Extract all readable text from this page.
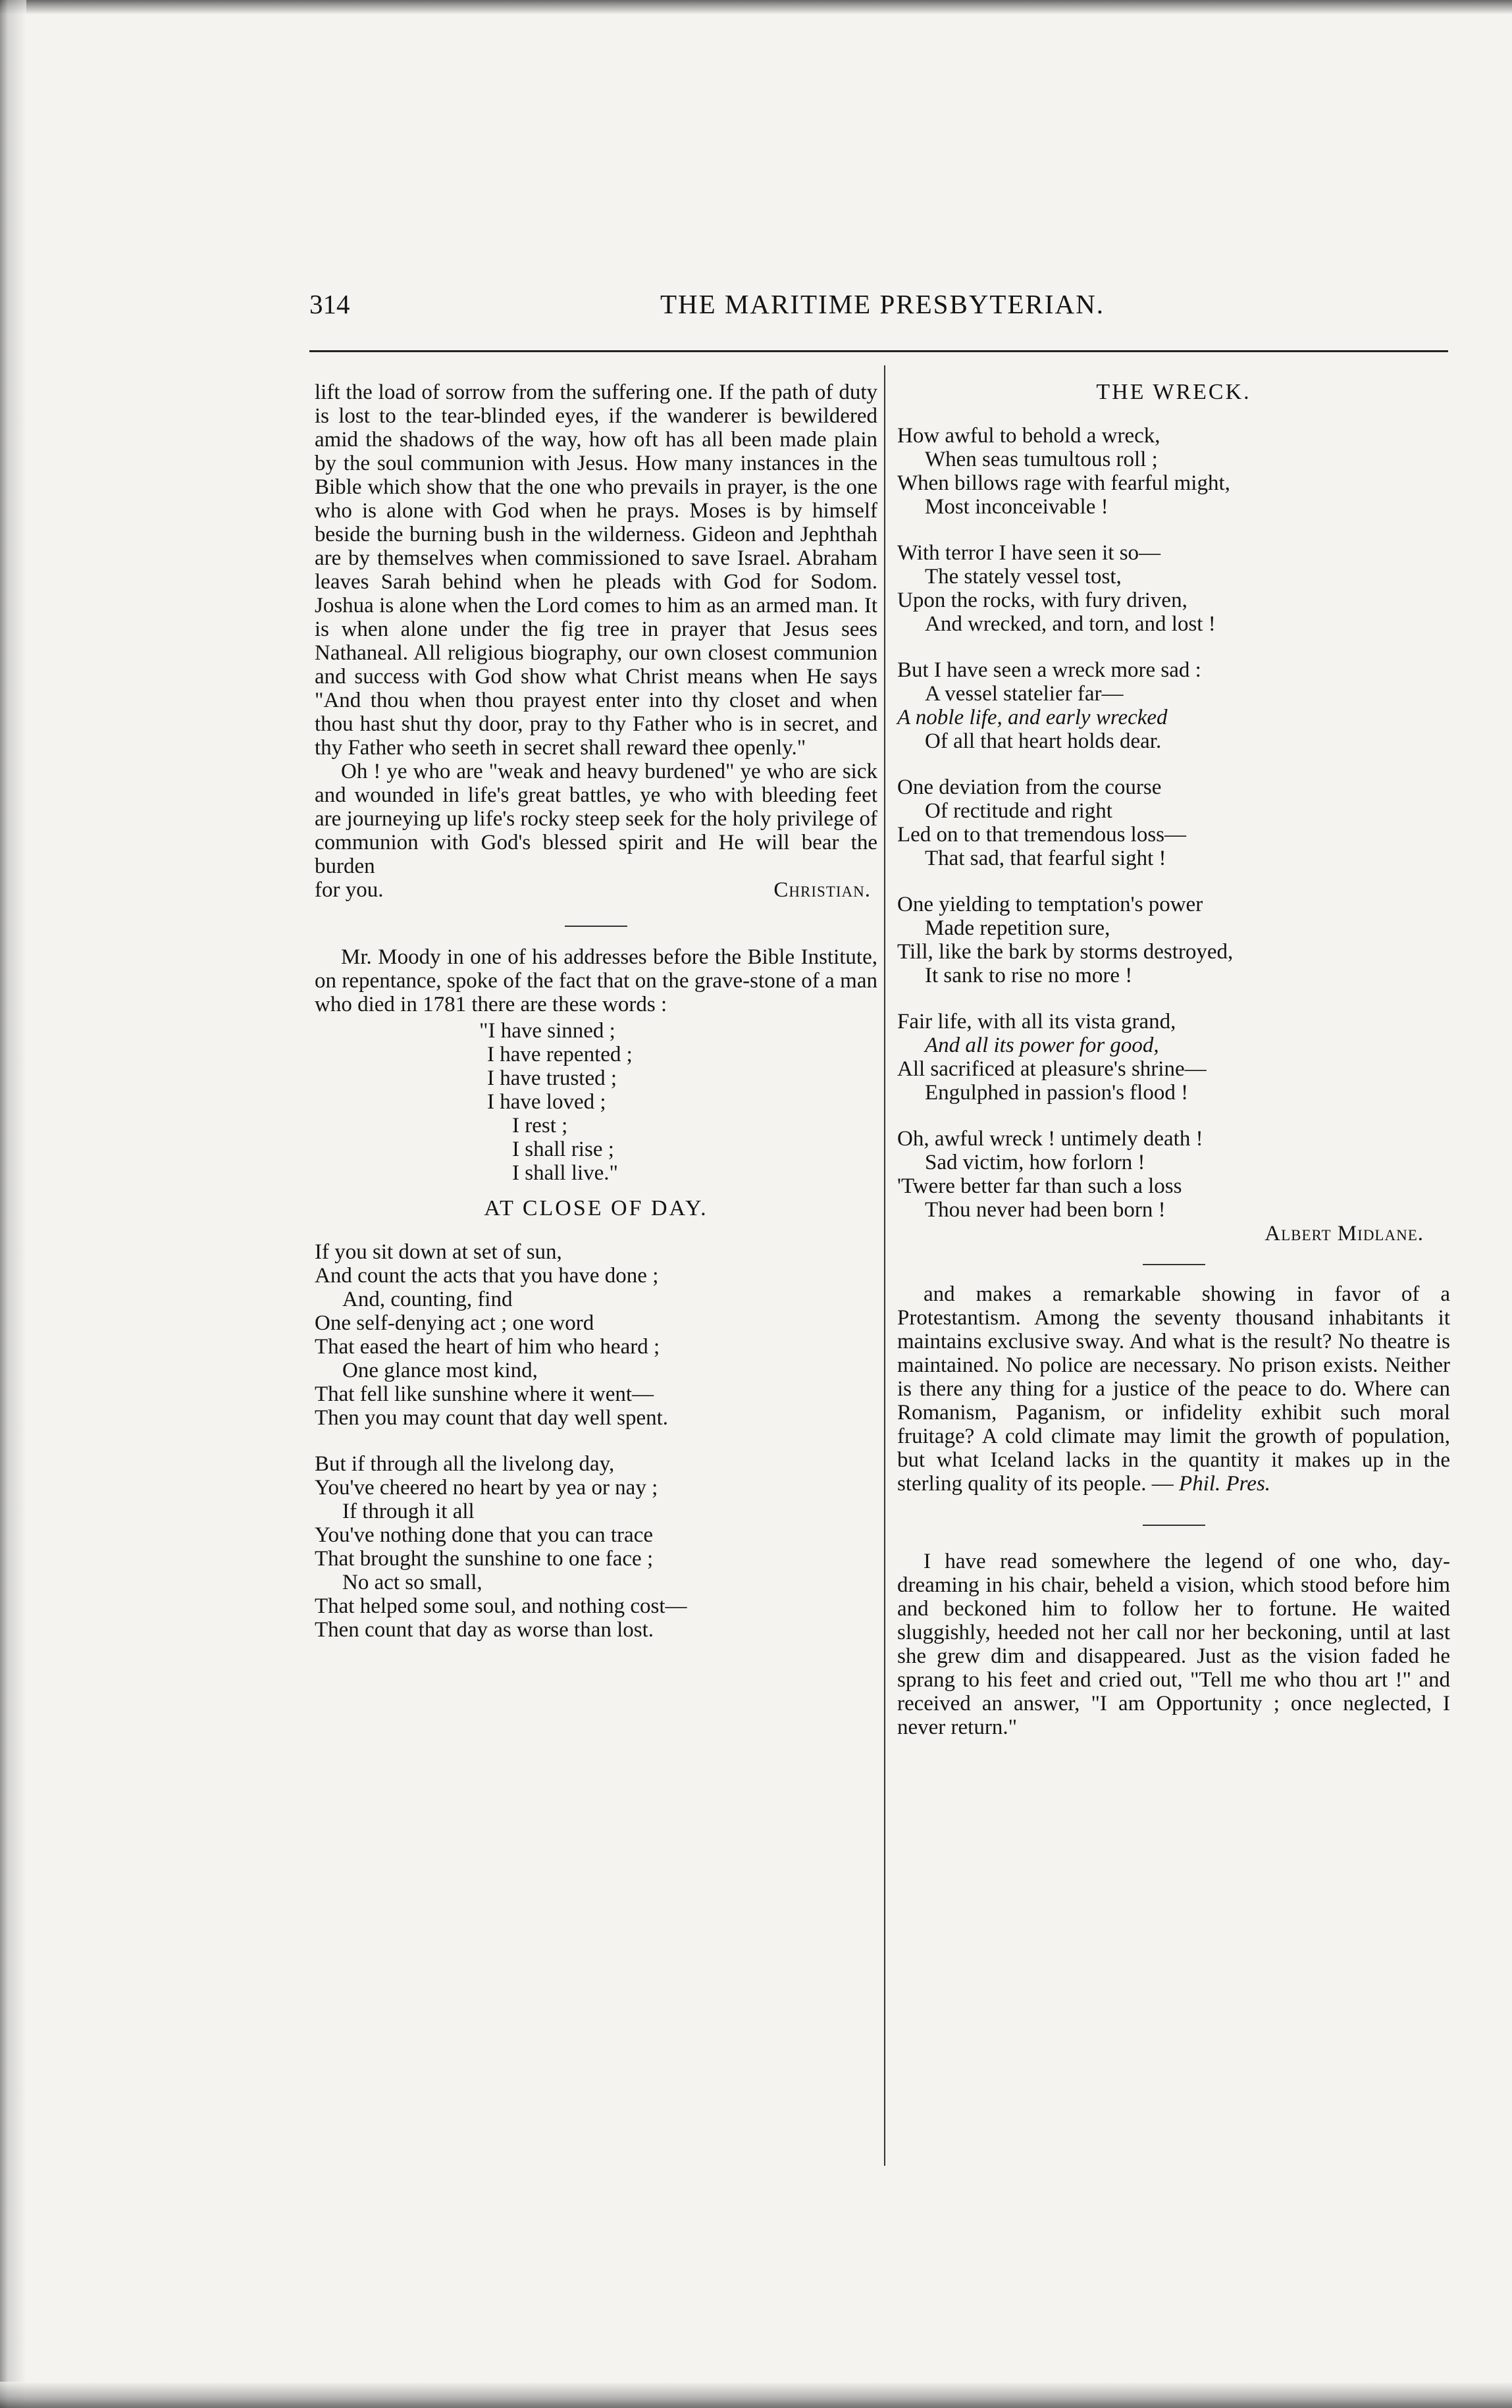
314	THE MARITIME PRESBYTERIAN.

lift the load of sorrow from the suffering one. If the path of duty is lost to the tear-blinded eyes, if the wanderer is bewildered amid the shadows of the way, how oft has all been made plain by the soul communion with Jesus. How many instances in the Bible which show that the one who prevails in prayer, is the one who is alone with God when he prays. Moses is by himself beside the burning bush in the wilderness. Gideon and Jephthah are by themselves when commissioned to save Israel. Abraham leaves Sarah behind when he pleads with God for Sodom. Joshua is alone when the Lord comes to him as an armed man. It is when alone under the fig tree in prayer that Jesus sees Nathaneal. All religious biography, our own closest communion and success with God show what Christ means when He says "And thou when thou prayest enter into thy closet and when thou hast shut thy door, pray to thy Father who is in secret, and thy Father who seeth in secret shall reward thee openly."

Oh ! ye who are "weak and heavy burdened" ye who are sick and wounded in life's great battles, ye who with bleeding feet are journeying up life's rocky steep seek for the holy privilege of communion with God's blessed spirit and He will bear the burden

for you.	Christian.

Mr. Moody in one of his addresses before the Bible Institute, on repentance, spoke of the fact that on the grave-stone of a man who died in 1781 there are these words :

"I have sinned ;
I have repented ;
I have trusted ;
I have loved ;
I rest ;
I shall rise ;
I shall live."
AT CLOSE OF DAY.
If you sit down at set of sun,
And count the acts that you have done ;
And, counting, find
One self-denying act ; one word
That eased the heart of him who heard ;
One glance most kind,
That fell like sunshine where it went—
Then you may count that day well spent.
But if through all the livelong day,
You've cheered no heart by yea or nay ;
If through it all
You've nothing done that you can trace
That brought the sunshine to one face ;
No act so small,
That helped some soul, and nothing cost—
Then count that day as worse than lost.
THE WRECK.
How awful to behold a wreck,
When seas tumultous roll ;
When billows rage with fearful might,
Most inconceivable !
With terror I have seen it so—
The stately vessel tost,
Upon the rocks, with fury driven,
And wrecked, and torn, and lost !
But I have seen a wreck more sad :
A vessel statelier far—
A noble life, and early wrecked
Of all that heart holds dear.
One deviation from the course
Of rectitude and right
Led on to that tremendous loss—
That sad, that fearful sight !
One yielding to temptation's power
Made repetition sure,
Till, like the bark by storms destroyed,
It sank to rise no more !
Fair life, with all its vista grand,
And all its power for good,
All sacrificed at pleasure's shrine—
Engulphed in passion's flood !
Oh, awful wreck ! untimely death !
Sad victim, how forlorn !
'Twere better far than such a loss
Thou never had been born !
Albert Midlane.

and makes a remarkable showing in favor of a Protestantism. Among the seventy thousand inhabitants it maintains exclusive sway. And what is the result? No theatre is maintained. No police are necessary. No prison exists. Neither is there any thing for a justice of the peace to do. Where can Romanism, Paganism, or infidelity exhibit such moral fruitage? A cold climate may limit the growth of population, but what Iceland lacks in the quantity it makes up in the sterling quality of its people. — Phil. Pres.

I have read somewhere the legend of one who, day-dreaming in his chair, beheld a vision, which stood before him and beckoned him to follow her to fortune. He waited sluggishly, heeded not her call nor her beckoning, until at last she grew dim and disappeared. Just as the vision faded he sprang to his feet and cried out, "Tell me who thou art !" and received an answer, "I am Opportunity ; once neglected, I never return."
